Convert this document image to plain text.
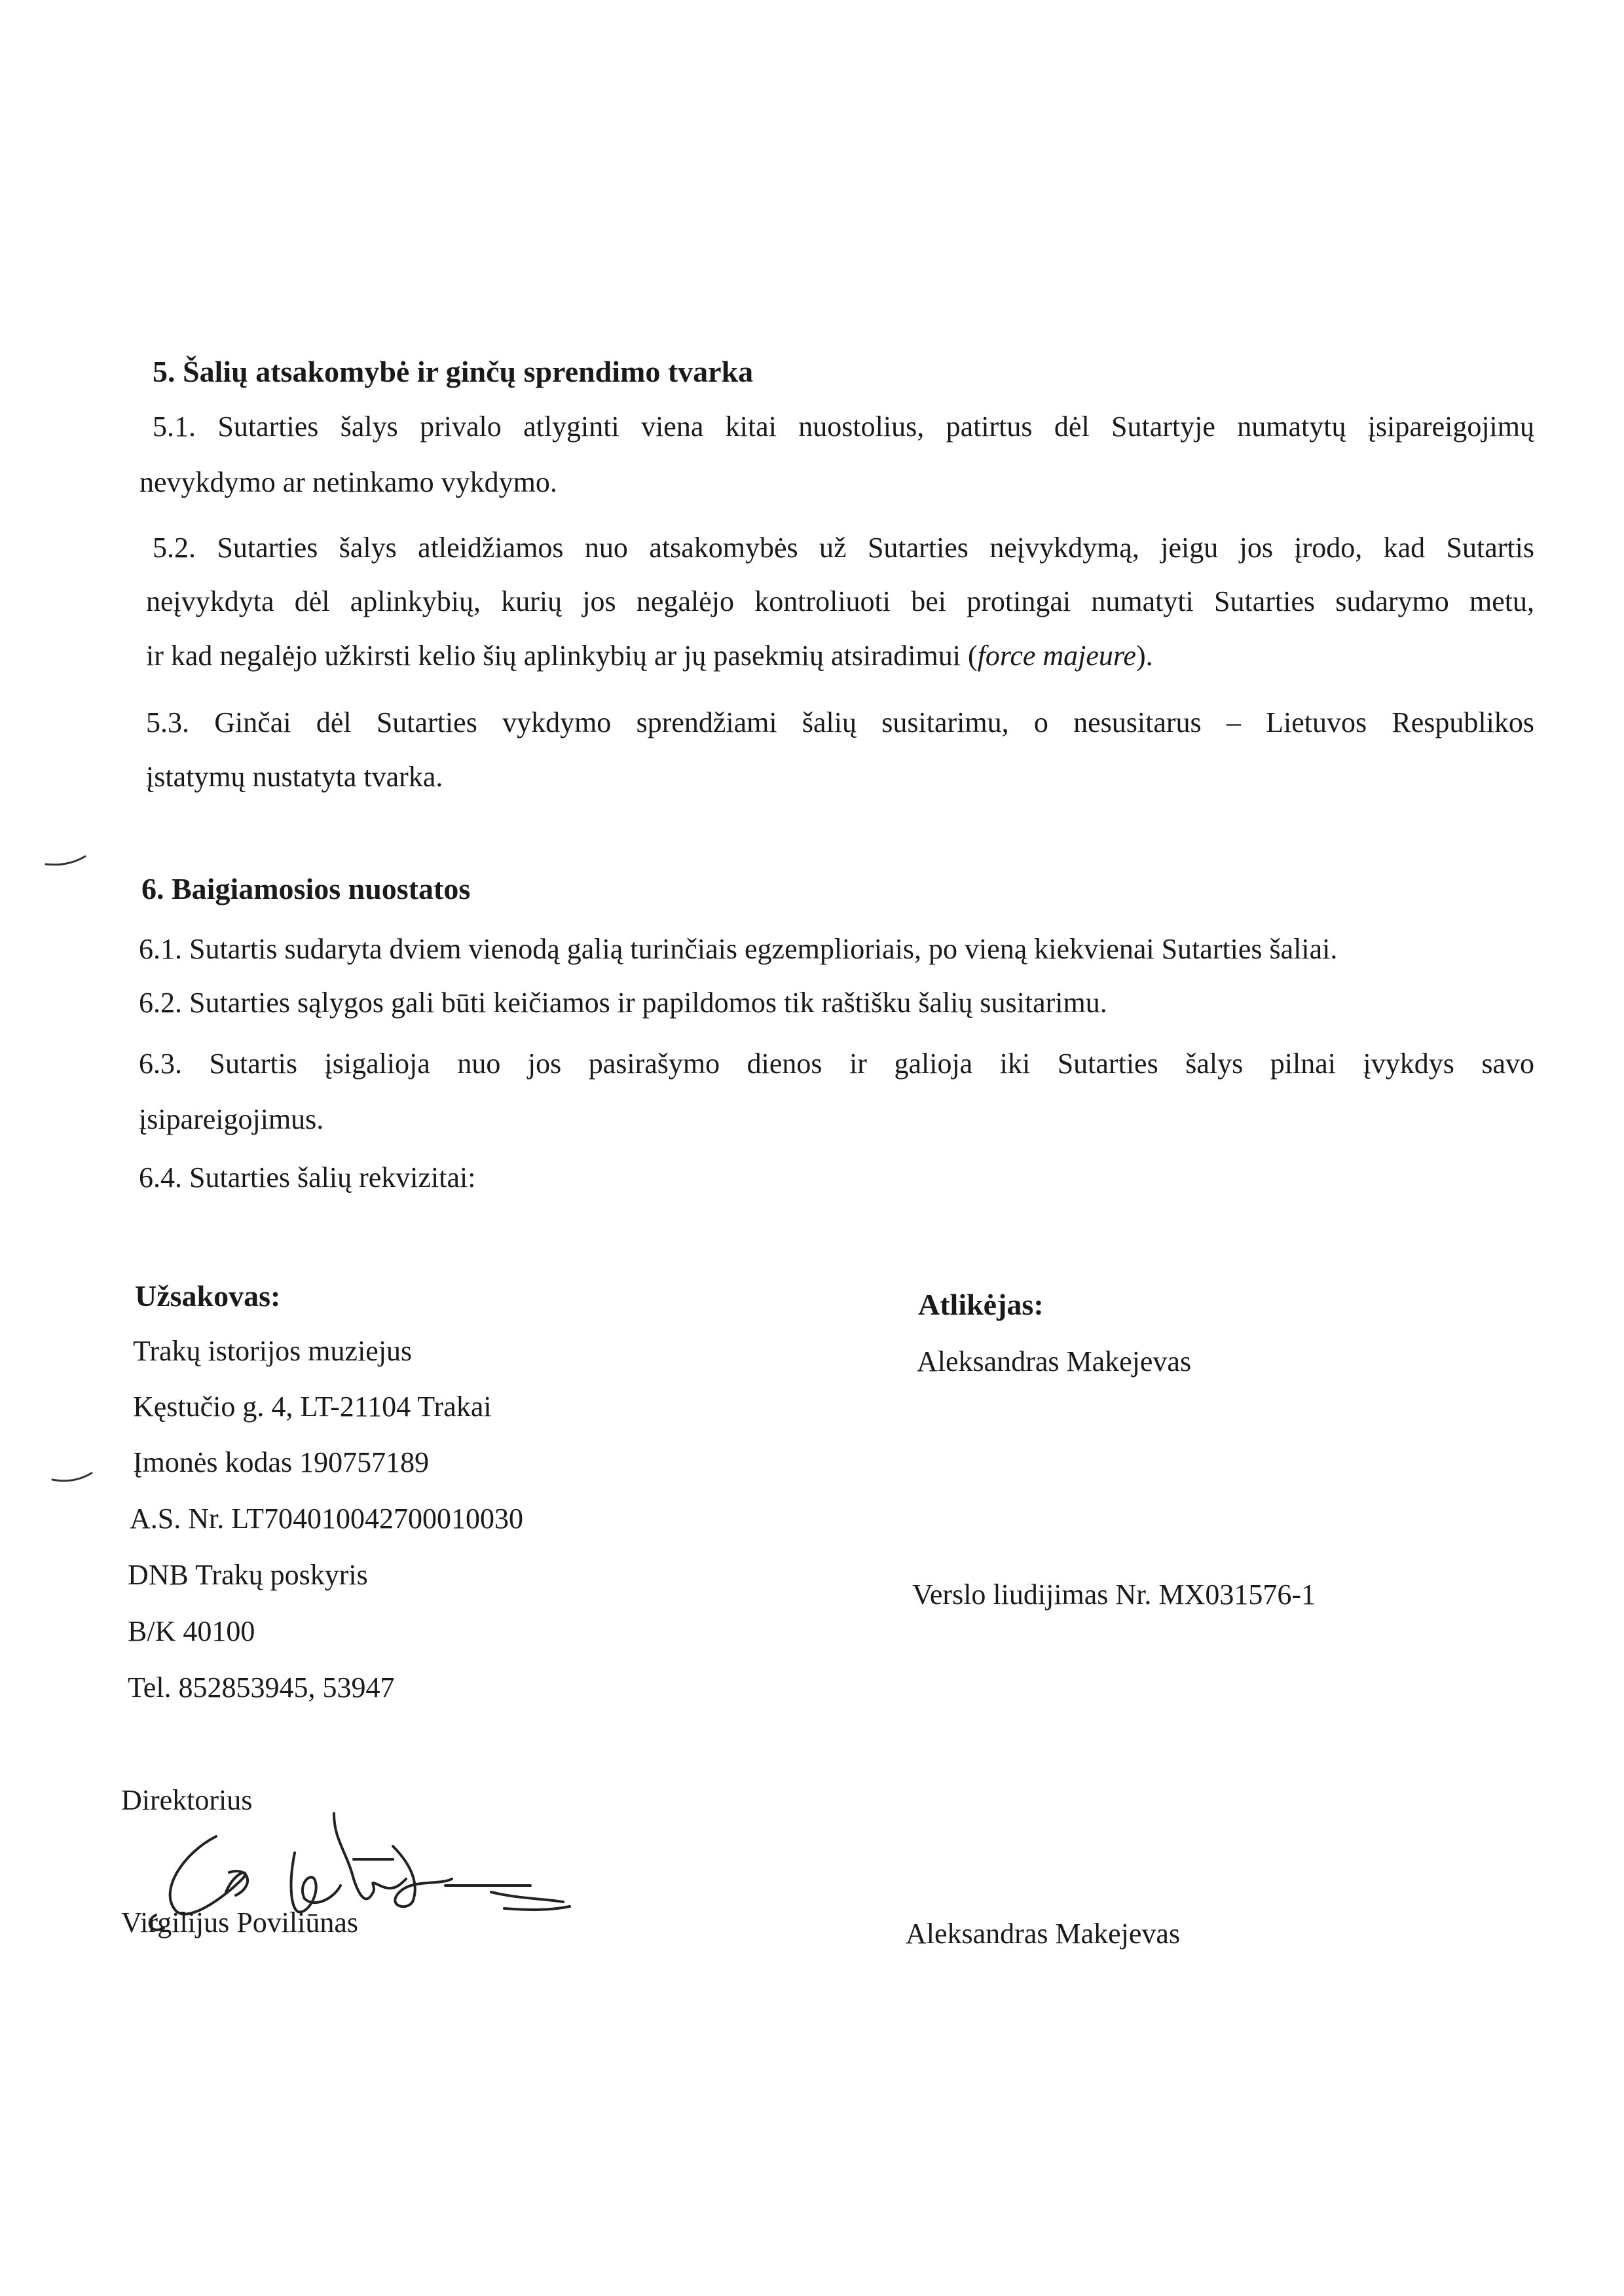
5. Šalių atsakomybė ir ginčų sprendimo tvarka
5.1. Sutarties šalys privalo atlyginti viena kitai nuostolius, patirtus dėl Sutartyje numatytų įsipareigojimų
nevykdymo ar netinkamo vykdymo.
5.2. Sutarties šalys atleidžiamos nuo atsakomybės už Sutarties neįvykdymą, jeigu jos įrodo, kad Sutartis
neįvykdyta dėl aplinkybių, kurių jos negalėjo kontroliuoti bei protingai numatyti Sutarties sudarymo metu,
ir kad negalėjo užkirsti kelio šių aplinkybių ar jų pasekmių atsiradimui (force majeure).
5.3. Ginčai dėl Sutarties vykdymo sprendžiami šalių susitarimu, o nesusitarus – Lietuvos Respublikos
įstatymų nustatyta tvarka.
6. Baigiamosios nuostatos
6.1. Sutartis sudaryta dviem vienodą galią turinčiais egzemplioriais, po vieną kiekvienai Sutarties šaliai.
6.2. Sutarties sąlygos gali būti keičiamos ir papildomos tik raštišku šalių susitarimu.
6.3. Sutartis įsigalioja nuo jos pasirašymo dienos ir galioja iki Sutarties šalys pilnai įvykdys savo
įsipareigojimus.
6.4. Sutarties šalių rekvizitai:
Užsakovas:
Trakų istorijos muziejus
Kęstučio g. 4, LT-21104 Trakai
Įmonės kodas 190757189
A.S. Nr. LT704010042700010030
DNB Trakų poskyris
B/K 40100
Tel. 852853945, 53947
Direktorius
Virgilijus Poviliūnas
Atlikėjas:
Aleksandras Makejevas
Verslo liudijimas Nr. MX031576-1
Aleksandras Makejevas
